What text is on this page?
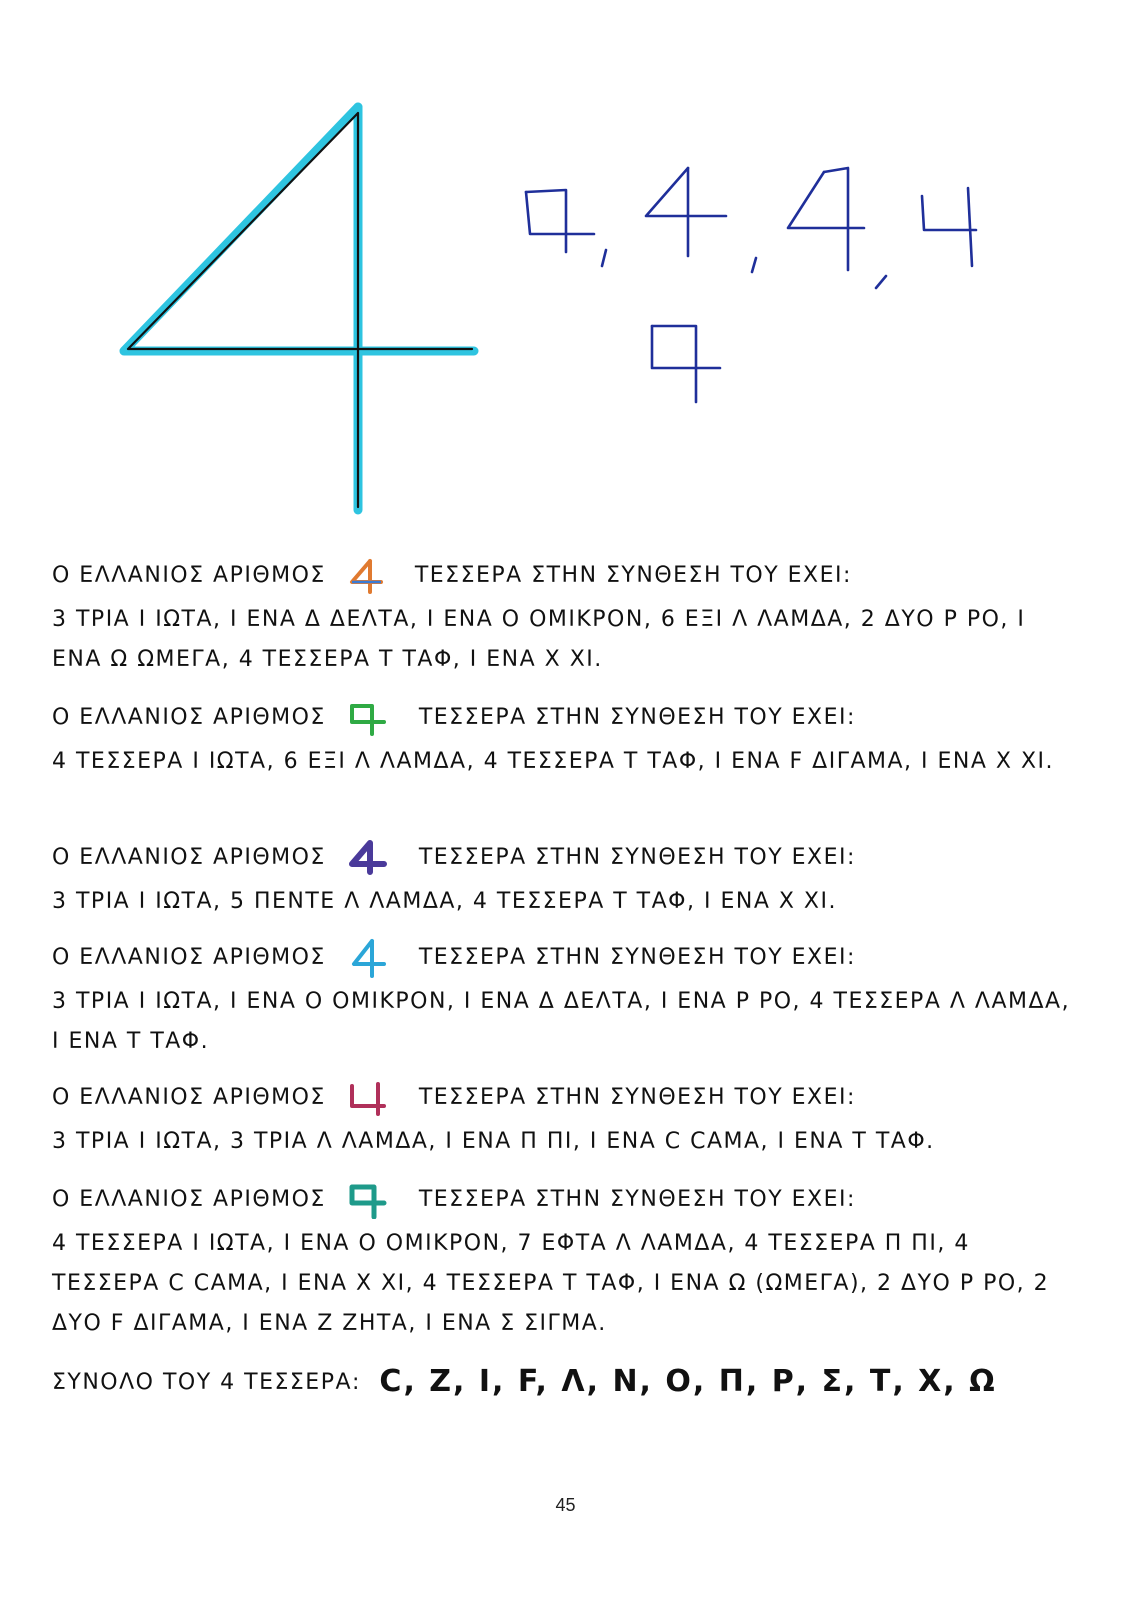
Ο ΕΛΛΑΝΙΟΣ ΑΡΙΘΜΟΣ	ΤΕΣΣΕΡΑ ΣΤΗΝ ΣΥΝΘΕΣΗ ΤΟΥ ΕΧΕΙ:
3 ΤΡΙΑ Ι ΙΩΤΑ, Ι ΕΝΑ Δ ΔΕΛΤΑ, Ι ΕΝΑ Ο ΟΜΙΚΡΟΝ, 6 ΕΞΙ Λ ΛΑΜΔΑ, 2 ΔΥΟ Ρ ΡΟ, Ι ΕΝΑ Ω ΩΜΕΓΑ, 4 ΤΕΣΣΕΡΑ Τ ΤΑΦ, Ι ΕΝΑ Χ ΧΙ.
Ο ΕΛΛΑΝΙΟΣ ΑΡΙΘΜΟΣ	ΤΕΣΣΕΡΑ ΣΤΗΝ ΣΥΝΘΕΣΗ ΤΟΥ ΕΧΕΙ:
4 ΤΕΣΣΕΡΑ Ι ΙΩΤΑ, 6 ΕΞΙ Λ ΛΑΜΔΑ, 4 ΤΕΣΣΕΡΑ Τ ΤΑΦ, Ι ΕΝΑ F ΔΙΓΑΜΑ, Ι ΕΝΑ Χ ΧΙ.
Ο ΕΛΛΑΝΙΟΣ ΑΡΙΘΜΟΣ	ΤΕΣΣΕΡΑ ΣΤΗΝ ΣΥΝΘΕΣΗ ΤΟΥ ΕΧΕΙ:
3 ΤΡΙΑ Ι ΙΩΤΑ, 5 ΠΕΝΤΕ Λ ΛΑΜΔΑ, 4 ΤΕΣΣΕΡΑ Τ ΤΑΦ, Ι ΕΝΑ Χ ΧΙ.
Ο ΕΛΛΑΝΙΟΣ ΑΡΙΘΜΟΣ	ΤΕΣΣΕΡΑ ΣΤΗΝ ΣΥΝΘΕΣΗ ΤΟΥ ΕΧΕΙ:
3 ΤΡΙΑ Ι ΙΩΤΑ, Ι ΕΝΑ Ο ΟΜΙΚΡΟΝ, Ι ΕΝΑ Δ ΔΕΛΤΑ, Ι ΕΝΑ Ρ ΡΟ, 4 ΤΕΣΣΕΡΑ Λ ΛΑΜΔΑ, Ι ΕΝΑ Τ ΤΑΦ.
Ο ΕΛΛΑΝΙΟΣ ΑΡΙΘΜΟΣ	ΤΕΣΣΕΡΑ ΣΤΗΝ ΣΥΝΘΕΣΗ ΤΟΥ ΕΧΕΙ:
3 ΤΡΙΑ Ι ΙΩΤΑ, 3 ΤΡΙΑ Λ ΛΑΜΔΑ, Ι ΕΝΑ Π ΠΙ, Ι ΕΝΑ Ϲ ϹΑΜΑ, Ι ΕΝΑ Τ ΤΑΦ.
Ο ΕΛΛΑΝΙΟΣ ΑΡΙΘΜΟΣ	ΤΕΣΣΕΡΑ ΣΤΗΝ ΣΥΝΘΕΣΗ ΤΟΥ ΕΧΕΙ:
4 ΤΕΣΣΕΡΑ Ι ΙΩΤΑ, Ι ΕΝΑ Ο ΟΜΙΚΡΟΝ, 7 ΕΦΤΑ Λ ΛΑΜΔΑ, 4 ΤΕΣΣΕΡΑ Π ΠΙ, 4 ΤΕΣΣΕΡΑ Ϲ ϹΑΜΑ, Ι ΕΝΑ Χ ΧΙ, 4 ΤΕΣΣΕΡΑ Τ ΤΑΦ, Ι ΕΝΑ Ω (ΩΜΕΓΑ), 2 ΔΥΟ Ρ ΡΟ, 2 ΔΥΟ F ΔΙΓΑΜΑ, Ι ΕΝΑ Ζ ΖΗΤΑ, Ι ΕΝΑ Σ ΣΙΓΜΑ.
ΣΥΝΟΛΟ ΤΟΥ 4 ΤΕΣΣΕΡΑ: Ϲ, Ζ, Ι, F, Λ, Ν, Ο, Π, Ρ, Σ, Τ, Χ, Ω
45
